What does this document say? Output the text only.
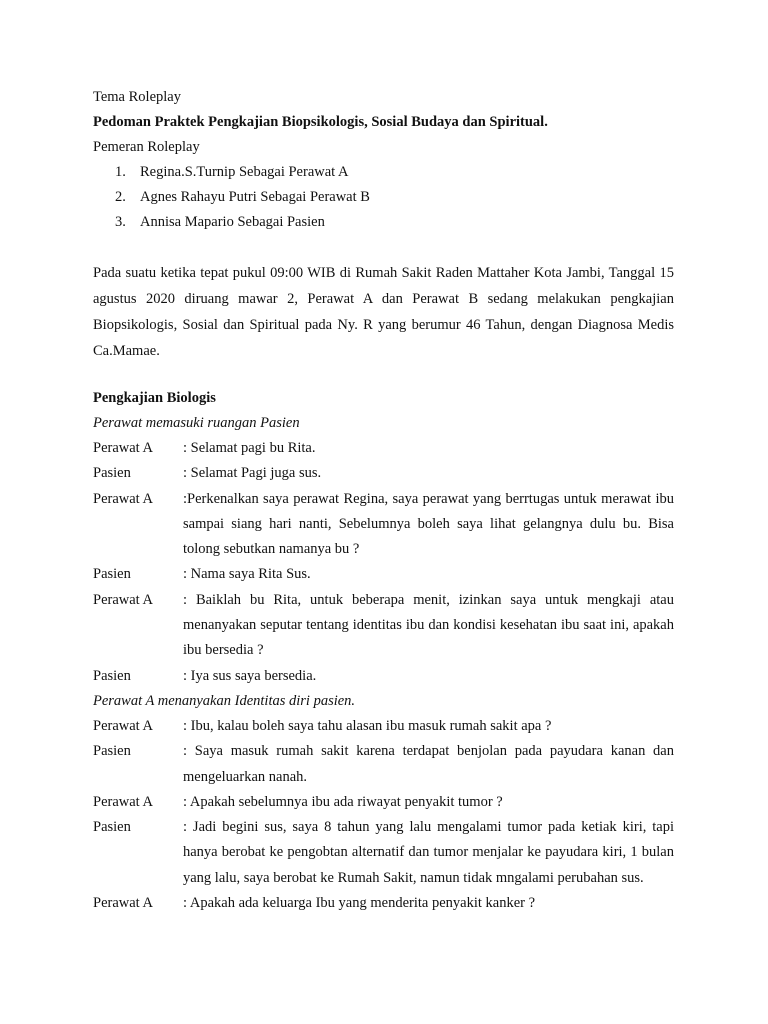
Tema Roleplay
Pedoman Praktek Pengkajian Biopsikologis, Sosial Budaya dan Spiritual.
Pemeran Roleplay
1. Regina.S.Turnip Sebagai Perawat A
2. Agnes Rahayu Putri Sebagai Perawat B
3. Annisa Mapario Sebagai Pasien

Pada suatu ketika tepat pukul 09:00 WIB di Rumah Sakit Raden Mattaher Kota Jambi, Tanggal 15 agustus 2020 diruang mawar 2, Perawat A dan Perawat B sedang melakukan pengkajian Biopsikologis, Sosial dan Spiritual pada Ny. R yang berumur 46 Tahun, dengan Diagnosa Medis Ca.Mamae.

Pengkajian Biologis
Perawat memasuki ruangan Pasien
Perawat A	: Selamat pagi bu Rita.
Pasien	: Selamat Pagi juga sus.
Perawat A	:Perkenalkan saya perawat Regina, saya perawat yang berrtugas untuk merawat ibu sampai siang hari nanti, Sebelumnya boleh saya lihat gelangnya dulu bu. Bisa tolong sebutkan namanya bu ?
Pasien	: Nama saya Rita Sus.
Perawat A	: Baiklah bu Rita, untuk beberapa menit, izinkan saya untuk mengkaji atau menanyakan seputar tentang identitas ibu dan kondisi kesehatan ibu saat ini, apakah ibu bersedia ?
Pasien	: Iya sus saya bersedia.
Perawat A menanyakan Identitas diri pasien.
Perawat A	: Ibu, kalau boleh saya tahu alasan ibu masuk rumah sakit apa ?
Pasien	: Saya masuk rumah sakit karena terdapat benjolan pada payudara kanan dan mengeluarkan nanah.
Perawat A	: Apakah sebelumnya ibu ada riwayat penyakit tumor ?
Pasien	: Jadi begini sus, saya 8 tahun yang lalu mengalami tumor pada ketiak kiri, tapi hanya berobat ke pengobtan alternatif dan tumor menjalar ke payudara kiri, 1 bulan yang lalu, saya berobat ke Rumah Sakit, namun tidak mngalami perubahan sus.
Perawat A	: Apakah ada keluarga Ibu yang menderita penyakit kanker ?
